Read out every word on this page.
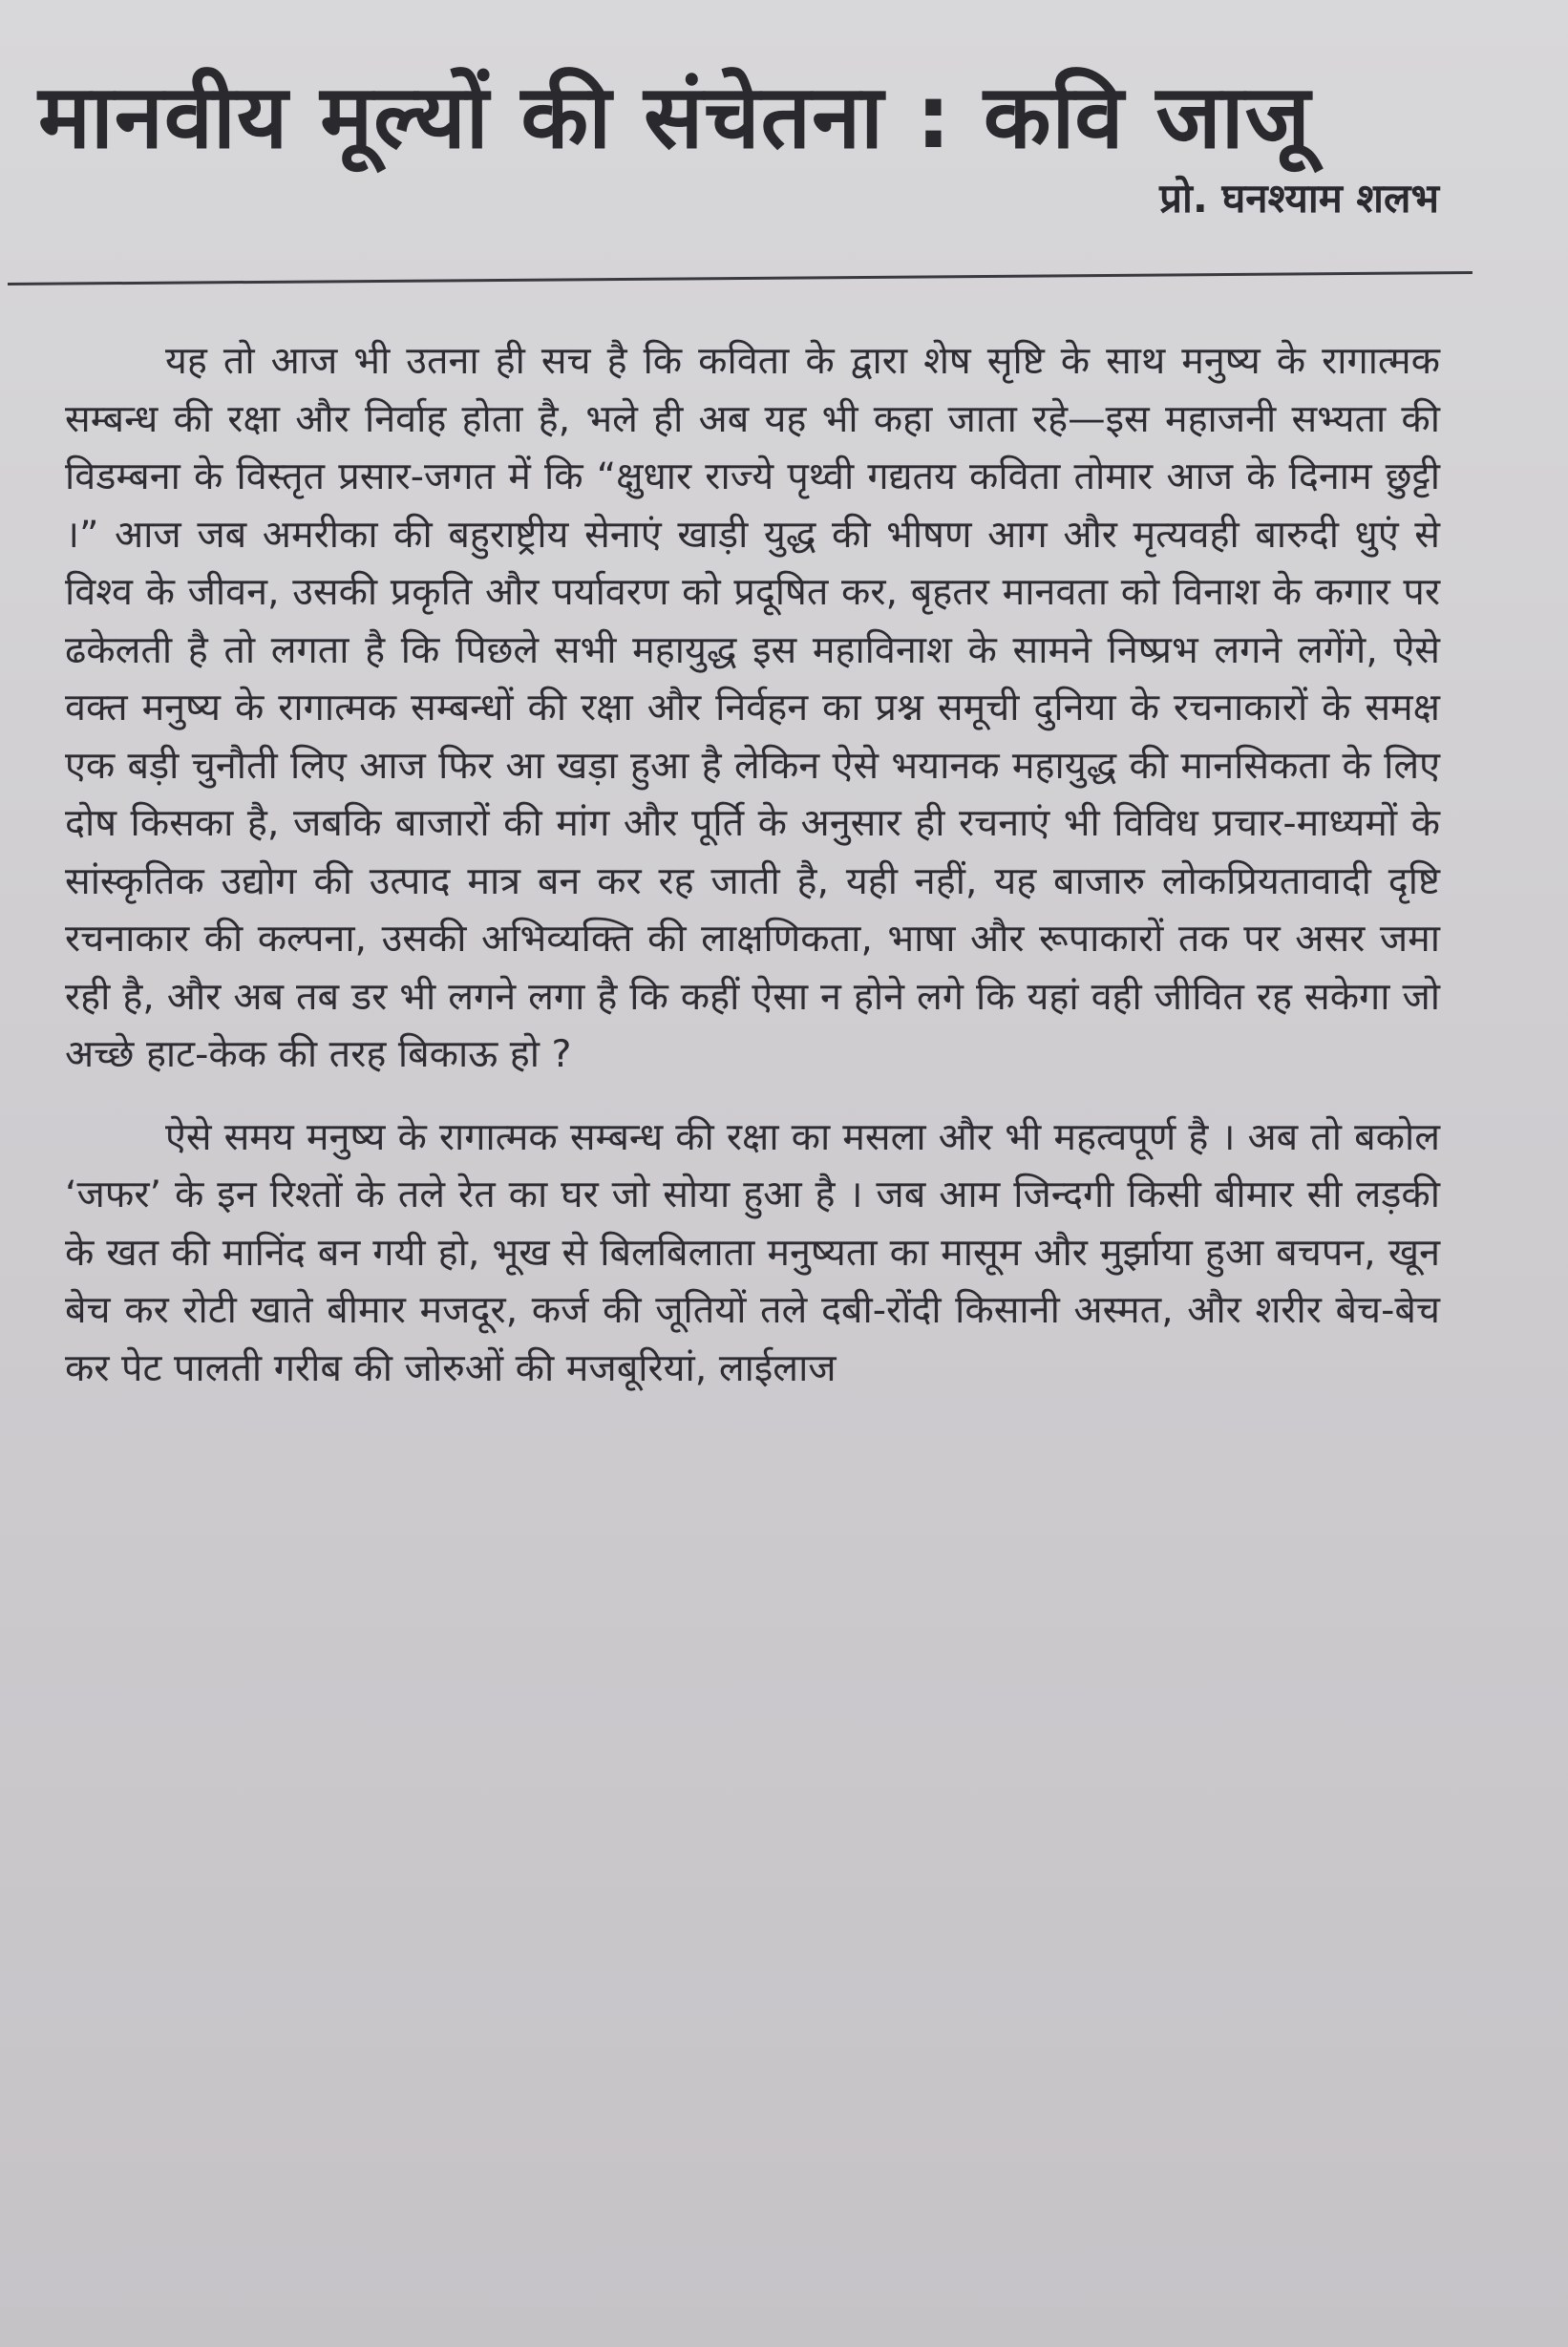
मानवीय मूल्यों की संचेतना : कवि जाजू

प्रो. घनश्याम शलभ

यह तो आज भी उतना ही सच है कि कविता के द्वारा शेष सृष्टि के साथ मनुष्य के रागात्मक सम्बन्ध की रक्षा और निर्वाह होता है, भले ही अब यह भी कहा जाता रहे—इस महाजनी सभ्यता की विडम्बना के विस्तृत प्रसार-जगत में कि “क्षुधार राज्ये पृथ्वी गद्यतय कविता तोमार आज के दिनाम छुट्टी ।” आज जब अमरीका की बहुराष्ट्रीय सेनाएं खाड़ी युद्ध की भीषण आग और मृत्यवही बारुदी धुएं से विश्व के जीवन, उसकी प्रकृति और पर्यावरण को प्रदूषित कर, बृहतर मानवता को विनाश के कगार पर ढकेलती है तो लगता है कि पिछले सभी महायुद्ध इस महाविनाश के सामने निष्प्रभ लगने लगेंगे, ऐसे वक्त मनुष्य के रागात्मक सम्बन्धों की रक्षा और निर्वहन का प्रश्न समूची दुनिया के रचनाकारों के समक्ष एक बड़ी चुनौती लिए आज फिर आ खड़ा हुआ है लेकिन ऐसे भयानक महायुद्ध की मानसिकता के लिए दोष किसका है, जबकि बाजारों की मांग और पूर्ति के अनुसार ही रचनाएं भी विविध प्रचार-माध्यमों के सांस्कृतिक उद्योग की उत्पाद मात्र बन कर रह जाती है, यही नहीं, यह बाजारु लोकप्रियतावादी दृष्टि रचनाकार की कल्पना, उसकी अभिव्यक्ति की लाक्षणिकता, भाषा और रूपाकारों तक पर असर जमा रही है, और अब तब डर भी लगने लगा है कि कहीं ऐसा न होने लगे कि यहां वही जीवित रह सकेगा जो अच्छे हाट-केक की तरह बिकाऊ हो ?

ऐसे समय मनुष्य के रागात्मक सम्बन्ध की रक्षा का मसला और भी महत्वपूर्ण है । अब तो बकोल ‘जफर’ के इन रिश्तों के तले रेत का घर जो सोया हुआ है । जब आम जिन्दगी किसी बीमार सी लड़की के खत की मानिंद बन गयी हो, भूख से बिलबिलाता मनुष्यता का मासूम और मुर्झाया हुआ बचपन, खून बेच कर रोटी खाते बीमार मजदूर, कर्ज की जूतियों तले दबी-रोंदी किसानी अस्मत, और शरीर बेच-बेच कर पेट पालती गरीब की जोरुओं की मजबूरियां, लाईलाज
